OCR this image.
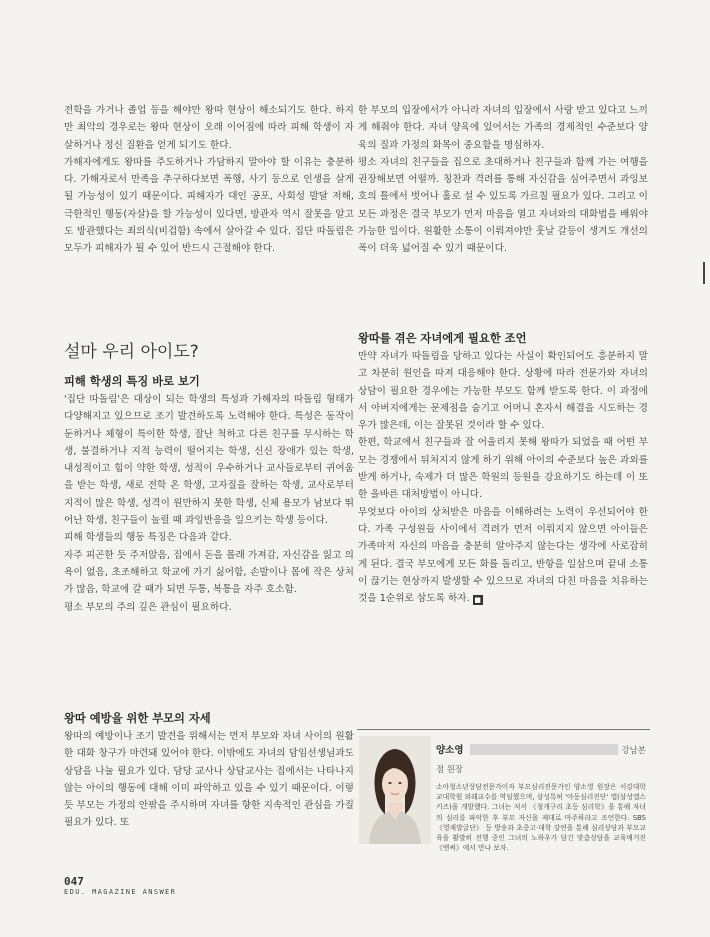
전학을 가거나 졸업 등을 해야만 왕따 현상이 해소되기도 한다. 하지만 최악의 경우로는 왕따 현상이 오래 이어짐에 따라 피해 학생이 자살하거나 정신 질환을 얻게 되기도 한다.

가해자에게도 왕따를 주도하거나 가담하지 말아야 할 이유는 충분하다. 가해자로서 만족을 추구하다보면 폭행, 사기 등으로 인생을 살게 될 가능성이 있기 때문이다. 피해자가 대인 공포, 사회성 발달 저해, 극한적인 행동(자살)을 할 가능성이 있다면, 방관자 역시 잘못을 알고도 방관했다는 죄의식(비겁함) 속에서 살아갈 수 있다. 집단 따돌림은 모두가 피해자가 될 수 있어 반드시 근절해야 한다.

설마 우리 아이도?

피해 학생의 특징 바로 보기

'집단 따돌림'은 대상이 되는 학생의 특성과 가해자의 따돌림 형태가 다양해지고 있으므로 조기 발견하도록 노력해야 한다. 특성은 동작이 둔하거나 체형이 특이한 학생, 잘난 척하고 다른 친구를 무시하는 학생, 불결하거나 지적 능력이 떨어지는 학생, 신신 장애가 있는 학생, 내성적이고 힘이 약한 학생, 성적이 우수하거나 교사들로부터 귀여움을 받는 학생, 새로 전학 온 학생, 고자질을 잘하는 학생, 교사로부터 지적이 많은 학생, 성격이 원만하지 못한 학생, 신체 용모가 남보다 뛰어난 학생, 친구들이 놀릴 때 과잉반응을 일으키는 학생 등이다.

피해 학생들의 행동 특징은 다음과 같다.

자주 피곤한 듯 주저앉음, 집에서 돈을 몰래 가져감, 자신감을 잃고 의욕이 없음, 초조해하고 학교에 가기 싫어함, 손발이나 몸에 작은 상처가 많음, 학교에 갈 때가 되면 두통, 복통을 자주 호소함.

평소 부모의 주의 깊은 관심이 필요하다.

왕따 예방을 위한 부모의 자세

왕따의 예방이나 조기 발견을 위해서는 먼저 부모와 자녀 사이의 원활한 대화 창구가 마련돼 있어야 한다. 이밖에도 자녀의 담임선생님과도 상담을 나눌 필요가 있다. 담당 교사나 상담교사는 집에서는 나타나지 않는 아이의 행동에 대해 이미 파악하고 있을 수 있기 때문이다. 이렇듯 부모는 가정의 안팎을 주시하며 자녀를 향한 지속적인 관심을 가질 필요가 있다. 또

한 부모의 입장에서가 아니라 자녀의 입장에서 사랑 받고 있다고 느끼게 해줘야 한다. 자녀 양육에 있어서는 가족의 경제적인 수준보다 양육의 질과 가정의 화목이 중요함을 명심하자.

평소 자녀의 친구들을 집으로 초대하거나 친구들과 함께 가는 여행을 권장해보면 어떨까. 칭찬과 격려를 통해 자신감을 심어주면서 과잉보호의 틀에서 벗어나 홀로 설 수 있도록 가르칠 필요가 있다. 그리고 이 모든 과정은 결국 부모가 먼저 마음을 열고 자녀와의 대화법을 배워야 가능한 일이다. 원활한 소통이 이뤄져야만 훗날 갈등이 생겨도 개선의 폭이 더욱 넓어질 수 있기 때문이다.

왕따를 겪은 자녀에게 필요한 조언

만약 자녀가 따돌림을 당하고 있다는 사실이 확인되어도 흥분하지 말고 차분히 원인을 따져 대응해야 한다. 상황에 따라 전문가와 자녀의 상담이 필요한 경우에는 가능한 부모도 함께 받도록 한다. 이 과정에서 아버지에게는 문제점을 숨기고 어머니 혼자서 해결을 시도하는 경우가 많은데, 이는 잘못된 것이라 할 수 있다.

한편, 학교에서 친구들과 잘 어울리지 못해 왕따가 되었을 때 어떤 부모는 경쟁에서 뒤처지지 않게 하기 위해 아이의 수준보다 높은 과외를 받게 하거나, 숙제가 더 많은 학원의 등원을 강요하기도 하는데 이 또한 올바른 대처방법이 아니다.

무엇보다 아이의 상처받은 마음을 이해하려는 노력이 우선되어야 한다. 가족 구성원들 사이에서 격려가 먼저 이뤄지지 않으면 아이들은 가족마저 자신의 마음을 충분히 알아주지 않는다는 생각에 사로잡히게 된다. 결국 부모에게 모든 화를 돌리고, 반항을 일삼으며 끝내 소통이 끊기는 현상까지 발생할 수 있으므로 자녀의 다친 마음을 치유하는 것을 1순위로 삼도록 하자. ■

양소영	강남본점 원장
소아청소년상담전문가이자 부모심리전문가인 양소영 원장은 서강대학교대학원 외래교수를 역임했으며, 삼성특허 '아동심리진단' 앱(삼성앱스 키즈)을 개발했다. 그녀는 저서 《청개구리 초등 심리학》을 통해 자녀의 심리를 파악한 후 부모 자신을 제대로 마주하라고 조언한다. SBS 《영재발굴단》 등 방송과 초중고·대학 강연을 통해 심리상담과 부모교육을 활발히 진행 중인 그녀의 노하우가 담긴 맞춤상담을 교육매거진 《앤써》에서 만나 보자.
047
EDU. MAGAZINE ANSWER
